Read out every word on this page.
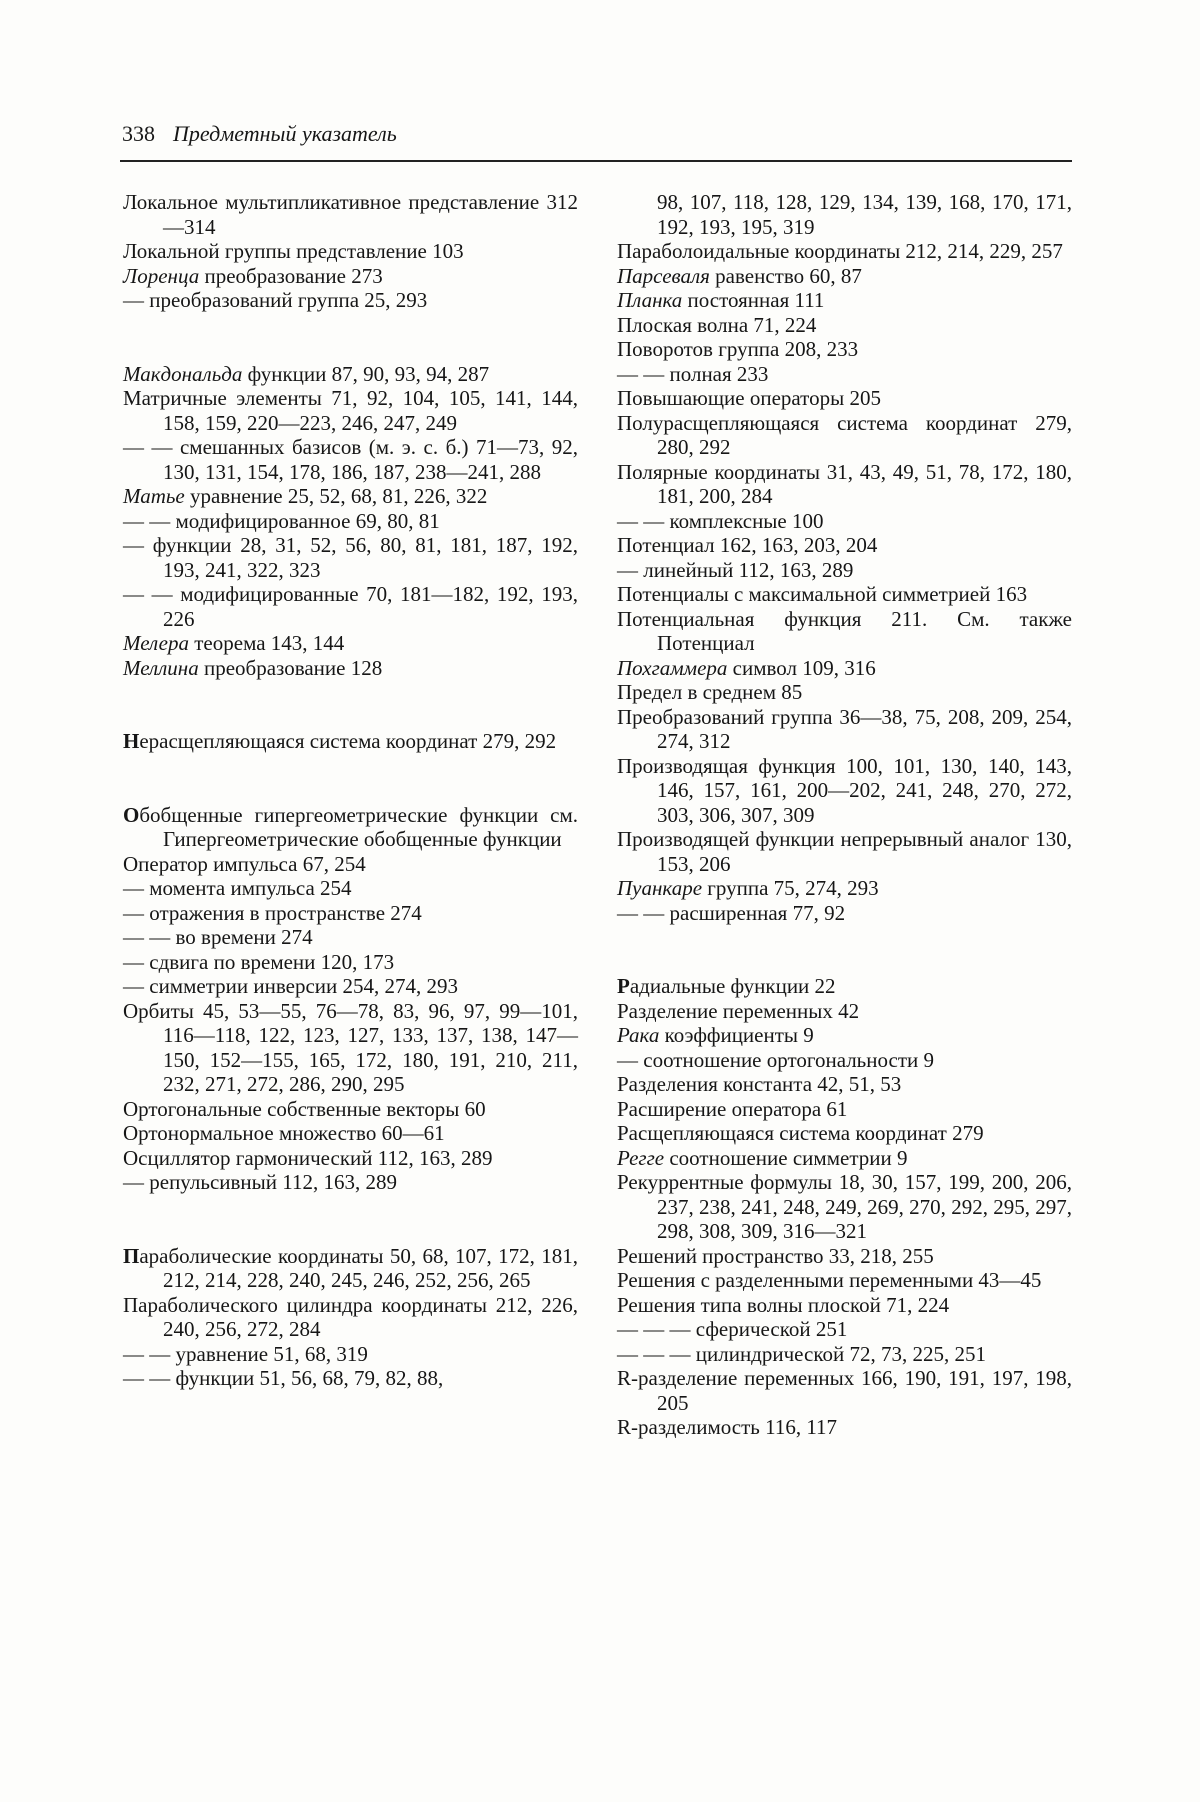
338 Предметный указатель
Локальное мультипликативное представление 312—314
Локальной группы представление 103
Лоренца преобразование 273
— преобразований группа 25, 293
Макдональда функции 87, 90, 93, 94, 287
Матричные элементы 71, 92, 104, 105, 141, 144, 158, 159, 220—223, 246, 247, 249
— — смешанных базисов (м. э. с. б.) 71—73, 92, 130, 131, 154, 178, 186, 187, 238—241, 288
Матье уравнение 25, 52, 68, 81, 226, 322
— — модифицированное 69, 80, 81
— функции 28, 31, 52, 56, 80, 81, 181, 187, 192, 193, 241, 322, 323
— — модифицированные 70, 181—182, 192, 193, 226
Мелера теорема 143, 144
Меллина преобразование 128
Нерасщепляющаяся система координат 279, 292
Обобщенные гипергеометрические функции см. Гипергеометрические обобщенные функции
Оператор импульса 67, 254
— момента импульса 254
— отражения в пространстве 274
— — во времени 274
— сдвига по времени 120, 173
— симметрии инверсии 254, 274, 293
Орбиты 45, 53—55, 76—78, 83, 96, 97, 99—101, 116—118, 122, 123, 127, 133, 137, 138, 147—150, 152—155, 165, 172, 180, 191, 210, 211, 232, 271, 272, 286, 290, 295
Ортогональные собственные векторы 60
Ортонормальное множество 60—61
Осциллятор гармонический 112, 163, 289
— репульсивный 112, 163, 289
Параболические координаты 50, 68, 107, 172, 181, 212, 214, 228, 240, 245, 246, 252, 256, 265
Параболического цилиндра координаты 212, 226, 240, 256, 272, 284
— — уравнение 51, 68, 319
— — функции 51, 56, 68, 79, 82, 88,
98, 107, 118, 128, 129, 134, 139, 168, 170, 171, 192, 193, 195, 319
Параболоидальные координаты 212, 214, 229, 257
Парсеваля равенство 60, 87
Планка постоянная 111
Плоская волна 71, 224
Поворотов группа 208, 233
— — полная 233
Повышающие операторы 205
Полурасщепляющаяся система координат 279, 280, 292
Полярные координаты 31, 43, 49, 51, 78, 172, 180, 181, 200, 284
— — комплексные 100
Потенциал 162, 163, 203, 204
— линейный 112, 163, 289
Потенциалы с максимальной симметрией 163
Потенциальная функция 211. См. также Потенциал
Похгаммера символ 109, 316
Предел в среднем 85
Преобразований группа 36—38, 75, 208, 209, 254, 274, 312
Производящая функция 100, 101, 130, 140, 143, 146, 157, 161, 200—202, 241, 248, 270, 272, 303, 306, 307, 309
Производящей функции непрерывный аналог 130, 153, 206
Пуанкаре группа 75, 274, 293
— — расширенная 77, 92
Радиальные функции 22
Разделение переменных 42
Рака коэффициенты 9
— соотношение ортогональности 9
Разделения константа 42, 51, 53
Расширение оператора 61
Расщепляющаяся система координат 279
Регге соотношение симметрии 9
Рекуррентные формулы 18, 30, 157, 199, 200, 206, 237, 238, 241, 248, 249, 269, 270, 292, 295, 297, 298, 308, 309, 316—321
Решений пространство 33, 218, 255
Решения с разделенными переменными 43—45
Решения типа волны плоской 71, 224
— — — сферической 251
— — — цилиндрической 72, 73, 225, 251
R-разделение переменных 166, 190, 191, 197, 198, 205
R-разделимость 116, 117
